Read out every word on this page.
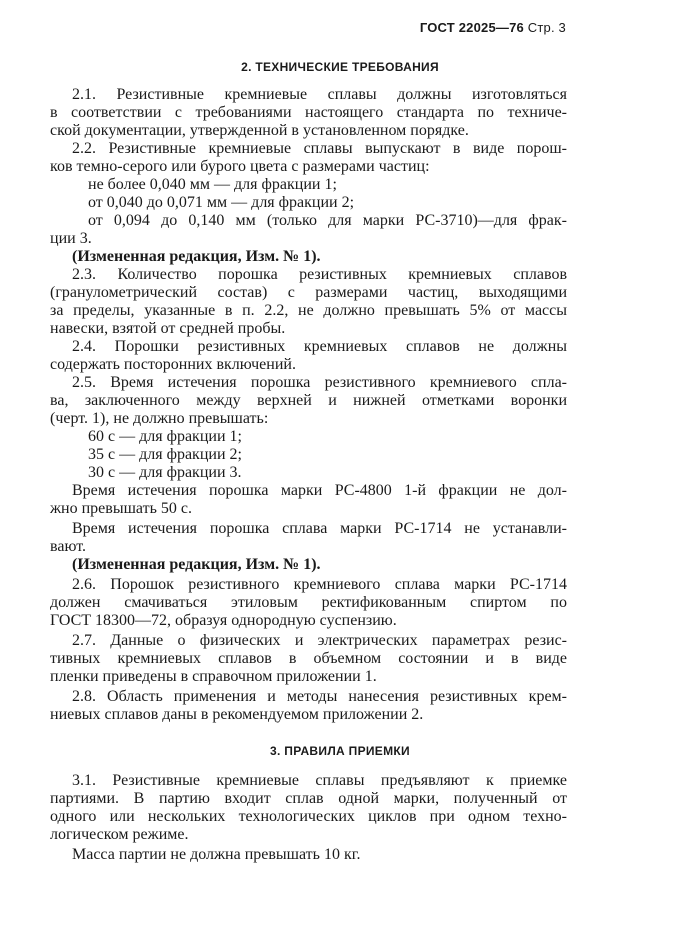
ГОСТ 22025—76 Стр. 3
2. ТЕХНИЧЕСКИЕ ТРЕБОВАНИЯ
2.1. Резистивные кремниевые сплавы должны изготовляться
в соответствии с требованиями настоящего стандарта по техниче-
ской документации, утвержденной в установленном порядке.
2.2. Резистивные кремниевые сплавы выпускают в виде порош-
ков темно-серого или бурого цвета с размерами частиц:
не более 0,040 мм — для фракции 1;
от 0,040 до 0,071 мм — для фракции 2;
от 0,094 до 0,140 мм (только для марки РС-3710)—для фрак-
ции 3.
(Измененная редакция, Изм. № 1).
2.3. Количество порошка резистивных кремниевых сплавов
(гранулометрический состав) с размерами частиц, выходящими
за пределы, указанные в п. 2.2, не должно превышать 5% от массы
навески, взятой от средней пробы.
2.4. Порошки резистивных кремниевых сплавов не должны
содержать посторонних включений.
2.5. Время истечения порошка резистивного кремниевого спла-
ва, заключенного между верхней и нижней отметками воронки
(черт. 1), не должно превышать:
60 с — для фракции 1;
35 с — для фракции 2;
30 с — для фракции 3.
Время истечения порошка марки РС-4800 1-й фракции не дол-
жно превышать 50 с.
Время истечения порошка сплава марки РС-1714 не устанавли-
вают.
(Измененная редакция, Изм. № 1).
2.6. Порошок резистивного кремниевого сплава марки РС-1714
должен смачиваться этиловым ректификованным спиртом по
ГОСТ 18300—72, образуя однородную суспензию.
2.7. Данные о физических и электрических параметрах резис-
тивных кремниевых сплавов в объемном состоянии и в виде
пленки приведены в справочном приложении 1.
2.8. Область применения и методы нанесения резистивных крем-
ниевых сплавов даны в рекомендуемом приложении 2.
3. ПРАВИЛА ПРИЕМКИ
3.1. Резистивные кремниевые сплавы предъявляют к приемке
партиями. В партию входит сплав одной марки, полученный от
одного или нескольких технологических циклов при одном техно-
логическом режиме.
Масса партии не должна превышать 10 кг.
